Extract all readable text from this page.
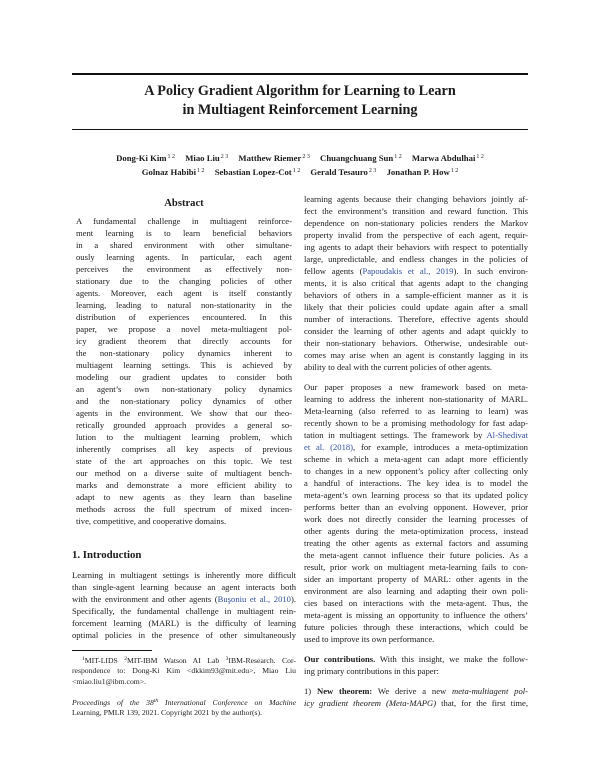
A Policy Gradient Algorithm for Learning to Learn
in Multiagent Reinforcement Learning
Dong-Ki Kim$^{1 2}$ Miao Liu$^{2 3}$ Matthew Riemer$^{2 3}$ Chuangchuang Sun$^{1 2}$ Marwa Abdulhai$^{1 2}$
Golnaz Habibi$^{1 2}$ Sebastian Lopez-Cot$^{1 2}$ Gerald Tesauro$^{2 3}$ Jonathan P. How$^{1 2}$
Abstract
A fundamental challenge in multiagent reinforce-
ment learning is to learn beneficial behaviors
in a shared environment with other simultane-
ously learning agents. In particular, each agent
perceives the environment as effectively non-
stationary due to the changing policies of other
agents. Moreover, each agent is itself constantly
learning, leading to natural non-stationarity in the
distribution of experiences encountered. In this
paper, we propose a novel meta-multiagent pol-
icy gradient theorem that directly accounts for
the non-stationary policy dynamics inherent to
multiagent learning settings. This is achieved by
modeling our gradient updates to consider both
an agent’s own non-stationary policy dynamics
and the non-stationary policy dynamics of other
agents in the environment. We show that our theo-
retically grounded approach provides a general so-
lution to the multiagent learning problem, which
inherently comprises all key aspects of previous
state of the art approaches on this topic. We test
our method on a diverse suite of multiagent bench-
marks and demonstrate a more efficient ability to
adapt to new agents as they learn than baseline
methods across the full spectrum of mixed incen-
tive, competitive, and cooperative domains.
1. Introduction
Learning in multiagent settings is inherently more difficult
than single-agent learning because an agent interacts both
with the environment and other agents (Buşoniu et al., 2010).
Specifically, the fundamental challenge in multiagent rein-
forcement learning (MARL) is the difficulty of learning
optimal policies in the presence of other simultaneously
$^1$MIT-LIDS $^2$MIT-IBM Watson AI Lab $^3$IBM-Research. Cor-
respondence to: Dong-Ki Kim <dkkim93@mit.edu>, Miao Liu
<miao.liu1@ibm.com>.
Proceedings of the 38th International Conference on Machine
Learning, PMLR 139, 2021. Copyright 2021 by the author(s).
learning agents because their changing behaviors jointly af-
fect the environment’s transition and reward function. This
dependence on non-stationary policies renders the Markov
property invalid from the perspective of each agent, requir-
ing agents to adapt their behaviors with respect to potentially
large, unpredictable, and endless changes in the policies of
fellow agents (Papoudakis et al., 2019). In such environ-
ments, it is also critical that agents adapt to the changing
behaviors of others in a sample-efficient manner as it is
likely that their policies could update again after a small
number of interactions. Therefore, effective agents should
consider the learning of other agents and adapt quickly to
their non-stationary behaviors. Otherwise, undesirable out-
comes may arise when an agent is constantly lagging in its
ability to deal with the current policies of other agents.
Our paper proposes a new framework based on meta-
learning to address the inherent non-stationarity of MARL.
Meta-learning (also referred to as learning to learn) was
recently shown to be a promising methodology for fast adap-
tation in multiagent settings. The framework by Al-Shedivat
et al. (2018), for example, introduces a meta-optimization
scheme in which a meta-agent can adapt more efficiently
to changes in a new opponent’s policy after collecting only
a handful of interactions. The key idea is to model the
meta-agent’s own learning process so that its updated policy
performs better than an evolving opponent. However, prior
work does not directly consider the learning processes of
other agents during the meta-optimization process, instead
treating the other agents as external factors and assuming
the meta-agent cannot influence their future policies. As a
result, prior work on multiagent meta-learning fails to con-
sider an important property of MARL: other agents in the
environment are also learning and adapting their own poli-
cies based on interactions with the meta-agent. Thus, the
meta-agent is missing an opportunity to influence the others’
future policies through these interactions, which could be
used to improve its own performance.
Our contributions. With this insight, we make the follow-
ing primary contributions in this paper:
1) New theorem: We derive a new meta-multiagent pol-
icy gradient theorem (Meta-MAPG) that, for the first time,
